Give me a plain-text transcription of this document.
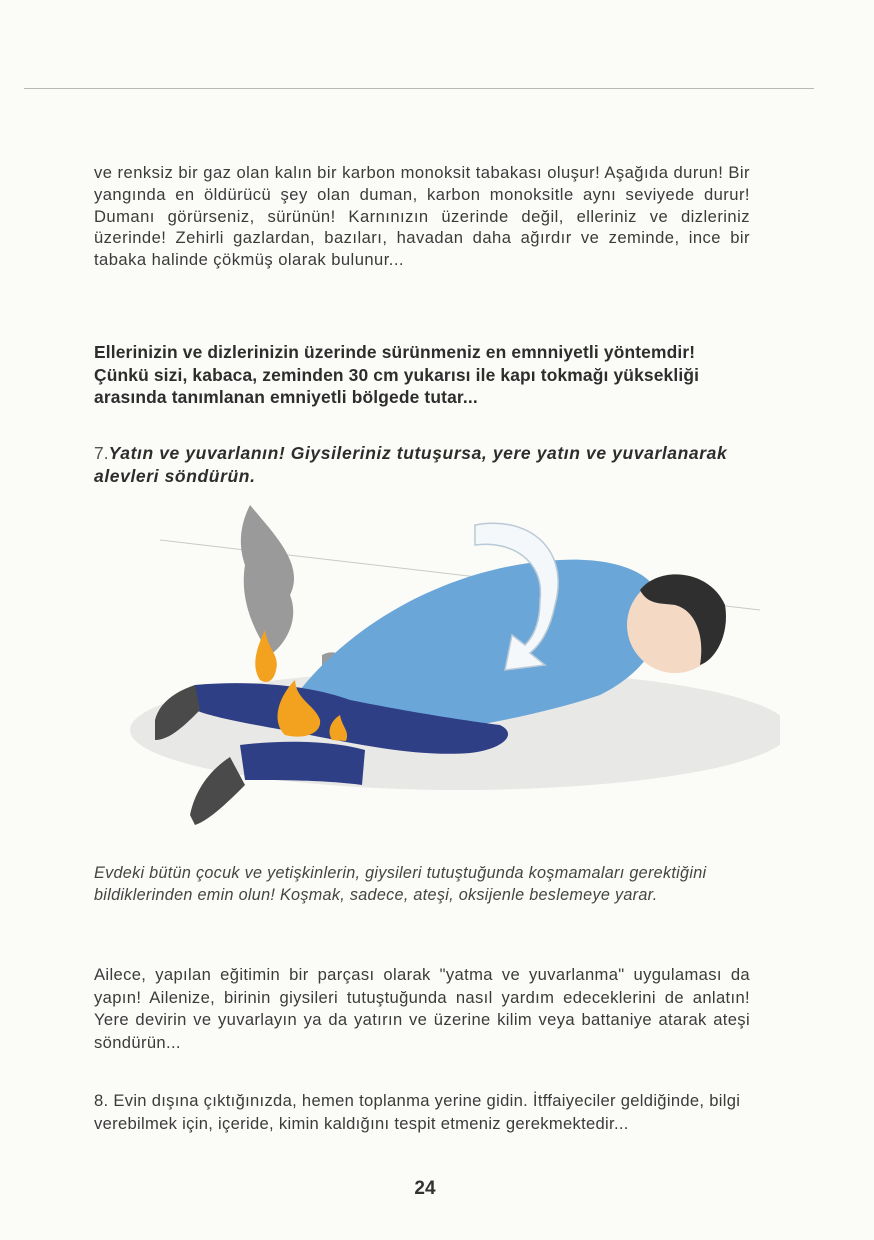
ve renksiz bir gaz olan kalın bir karbon monoksit tabakası oluşur! Aşağıda durun! Bir yangında en öldürücü şey olan duman, karbon monoksitle aynı seviyede durur! Dumanı görürseniz, sürünün! Karnınızın üzerinde değil, elleriniz ve dizleriniz üzerinde! Zehirli gazlardan, bazıları, havadan daha ağırdır ve zeminde, ince bir tabaka halinde çökmüş olarak bulunur...

Ellerinizin ve dizlerinizin üzerinde sürünmeniz en emnniyetli yöntemdir! Çünkü sizi, kabaca, zeminden 30 cm yukarısı ile kapı tokmağı yüksekliği arasında tanımlanan emniyetli bölgede tutar...

7.Yatın ve yuvarlanın! Giysileriniz tutuşursa, yere yatın ve yuvarlanarak alevleri söndürün.

Evdeki bütün çocuk ve yetişkinlerin, giysileri tutuştuğunda koşmamaları gerektiğini bildiklerinden emin olun! Koşmak, sadece, ateşi, oksijenle beslemeye yarar.

Ailece, yapılan eğitimin bir parçası olarak "yatma ve yuvarlanma" uygulaması da yapın! Ailenize, birinin giysileri tutuştuğunda nasıl yardım edeceklerini de anlatın! Yere devirin ve yuvarlayın ya da yatırın ve üzerine kilim veya battaniye atarak ateşi söndürün...

8. Evin dışına çıktığınızda, hemen toplanma yerine gidin. İtffaiyeciler geldiğinde, bilgi verebilmek için, içeride, kimin kaldığını tespit etmeniz gerekmektedir...

24
